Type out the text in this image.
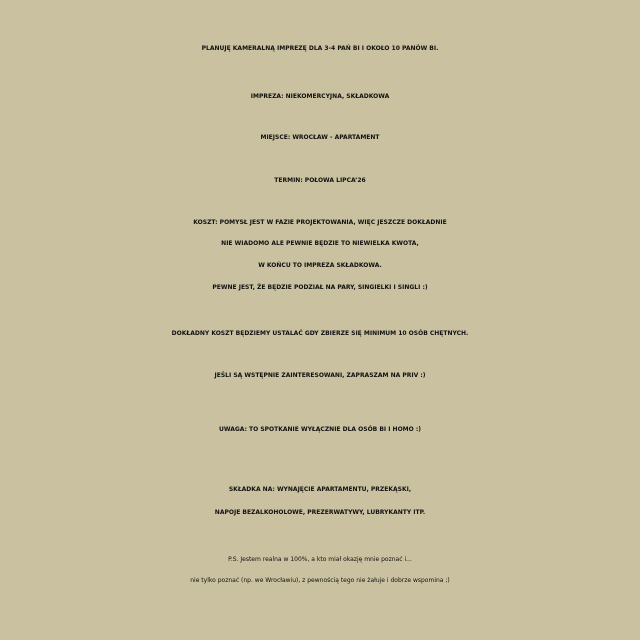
PLANUJĘ KAMERALNĄ IMPREZĘ DLA 3-4 PAŃ BI I OKOŁO 10 PANÓW BI.
IMPREZA: NIEKOMERCYJNA, SKŁADKOWA
MIEJSCE: WROCŁAW - APARTAMENT
TERMIN: POŁOWA LIPCA’26
KOSZT: POMYSŁ JEST W FAZIE PROJEKTOWANIA, WIĘC JESZCZE DOKŁADNIE
NIE WIADOMO ALE PEWNIE BĘDZIE TO NIEWIELKA KWOTA,
W KOŃCU TO IMPREZA SKŁADKOWA.
PEWNE JEST, ŻE BĘDZIE PODZIAŁ NA PARY, SINGIELKI I SINGLI :)
DOKŁADNY KOSZT BĘDZIEMY USTALAĆ GDY ZBIERZE SIĘ MINIMUM 10 OSÓB CHĘTNYCH.
JEŚLI SĄ WSTĘPNIE ZAINTERESOWANI, ZAPRASZAM NA PRIV :)
UWAGA: TO SPOTKANIE WYŁĄCZNIE DLA OSÓB BI I HOMO :)
SKŁADKA NA: WYNAJĘCIE APARTAMENTU, PRZEKĄSKI,
NAPOJE BEZALKOHOLOWE, PREZERWATYWY, LUBRYKANTY ITP.
P.S. Jestem realna w 100%, a kto miał okazję mnie poznać i...
nie tylko poznać (np. we Wrocławiu), z pewnością tego nie żałuje i dobrze wspomina ;)
